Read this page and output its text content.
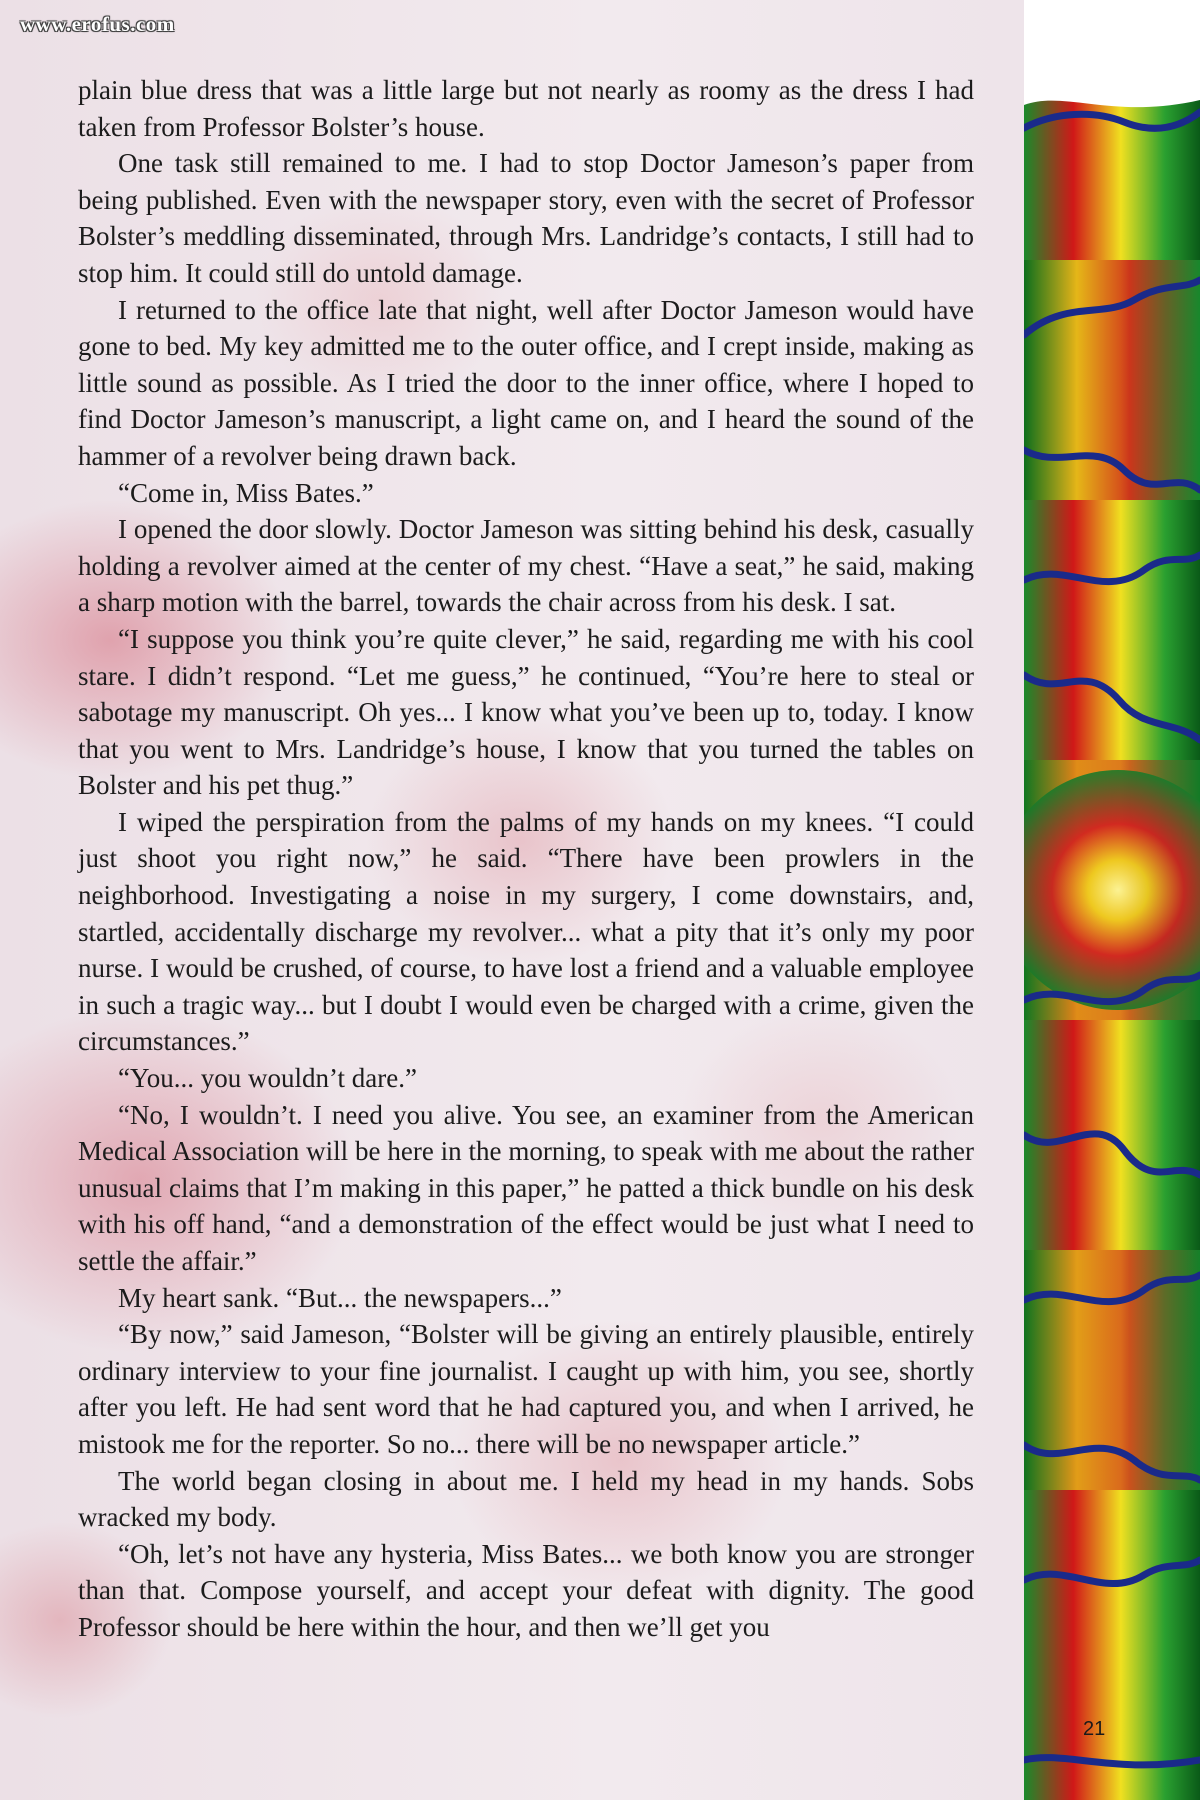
www.erofus.com

plain blue dress that was a little large but not nearly as roomy as the dress I had taken from Professor Bolster’s house.

One task still remained to me. I had to stop Doctor Jameson’s paper from being published. Even with the newspaper story, even with the secret of Professor Bolster’s meddling disseminated, through Mrs. Landridge’s contacts, I still had to stop him. It could still do untold damage.

I returned to the office late that night, well after Doctor Jameson would have gone to bed. My key admitted me to the outer office, and I crept inside, making as little sound as possible. As I tried the door to the inner office, where I hoped to find Doctor Jameson’s manuscript, a light came on, and I heard the sound of the hammer of a revolver being drawn back.

“Come in, Miss Bates.”

I opened the door slowly. Doctor Jameson was sitting behind his desk, casually holding a revolver aimed at the center of my chest. “Have a seat,” he said, making a sharp motion with the barrel, towards the chair across from his desk. I sat.

“I suppose you think you’re quite clever,” he said, regarding me with his cool stare. I didn’t respond. “Let me guess,” he continued, “You’re here to steal or sabotage my manuscript. Oh yes... I know what you’ve been up to, today. I know that you went to Mrs. Landridge’s house, I know that you turned the tables on Bolster and his pet thug.”

I wiped the perspiration from the palms of my hands on my knees. “I could just shoot you right now,” he said. “There have been prowlers in the neighborhood. Investigating a noise in my surgery, I come downstairs, and, startled, accidentally discharge my revolver... what a pity that it’s only my poor nurse. I would be crushed, of course, to have lost a friend and a valuable employee in such a tragic way... but I doubt I would even be charged with a crime, given the circumstances.”

“You... you wouldn’t dare.”

“No, I wouldn’t. I need you alive. You see, an examiner from the American Medical Association will be here in the morning, to speak with me about the rather unusual claims that I’m making in this paper,” he patted a thick bundle on his desk with his off hand, “and a demonstration of the effect would be just what I need to settle the affair.”

My heart sank. “But... the newspapers...”

“By now,” said Jameson, “Bolster will be giving an entirely plausible, entirely ordinary interview to your fine journalist. I caught up with him, you see, shortly after you left. He had sent word that he had captured you, and when I arrived, he mistook me for the reporter. So no... there will be no newspaper article.”

The world began closing in about me. I held my head in my hands. Sobs wracked my body.

“Oh, let’s not have any hysteria, Miss Bates... we both know you are stronger than that. Compose yourself, and accept your defeat with dignity. The good Professor should be here within the hour, and then we’ll get you

21
